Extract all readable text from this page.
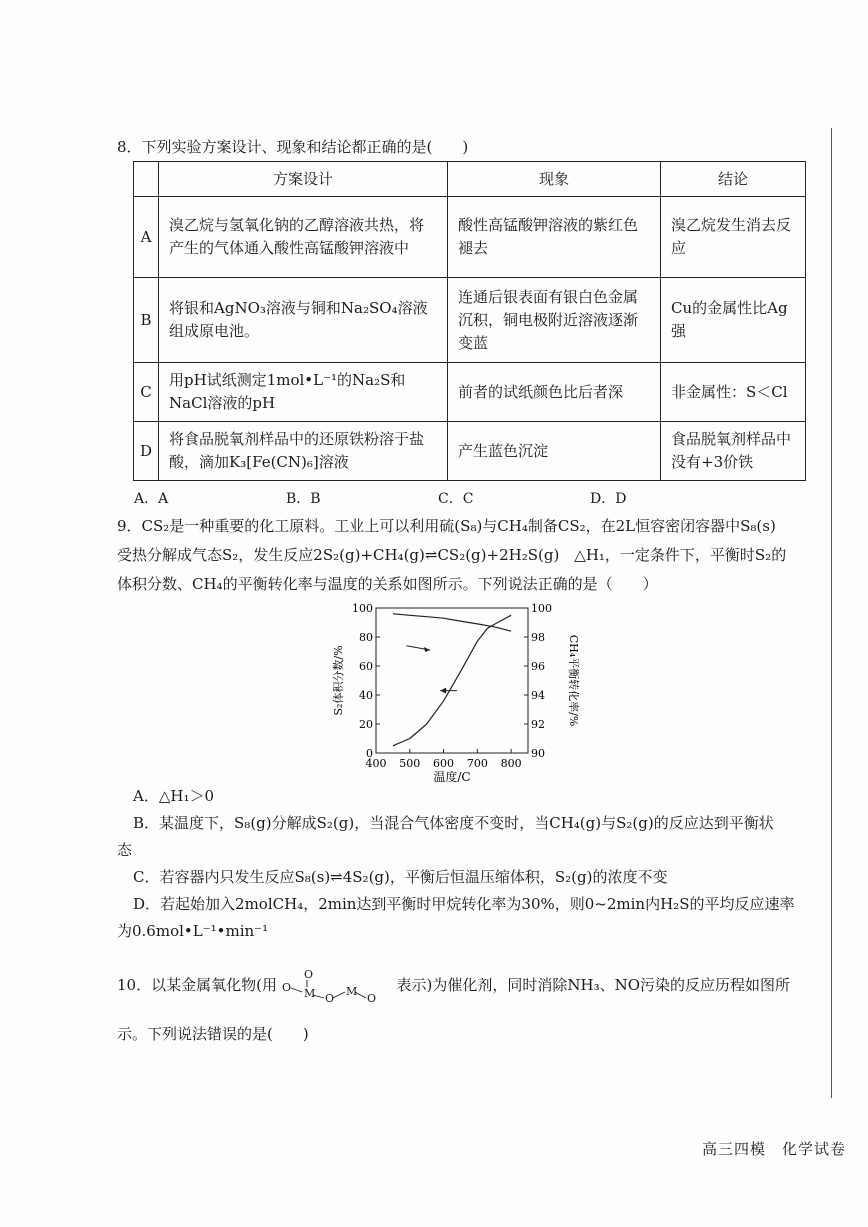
8．下列实验方案设计、现象和结论都正确的是(　　)
	方案设计	现象	结论
A	溴乙烷与氢氧化钠的乙醇溶液共热，将产生的气体通入酸性高锰酸钾溶液中	酸性高锰酸钾溶液的紫红色褪去	溴乙烷发生消去反应
B	将银和AgNO₃溶液与铜和Na₂SO₄溶液组成原电池。	连通后银表面有银白色金属沉积，铜电极附近溶液逐渐变蓝	Cu的金属性比Ag强
C	用pH试纸测定1mol•L⁻¹的Na₂S和NaCl溶液的pH	前者的试纸颜色比后者深	非金属性：S＜Cl
D	将食品脱氧剂样品中的还原铁粉溶于盐酸，滴加K₃[Fe(CN)₆]溶液	产生蓝色沉淀	食品脱氧剂样品中没有+3价铁
A．A	B．B	C．C	D．D
9．CS₂是一种重要的化工原料。工业上可以利用硫(S₈)与CH₄制备CS₂，在2L恒容密闭容器中S₈(s)
受热分解成气态S₂，发生反应2S₂(g)+CH₄(g)⇌CS₂(g)+2H₂S(g)　△H₁，一定条件下，平衡时S₂的
体积分数、CH₄的平衡转化率与温度的关系如图所示。下列说法正确的是（　　）
400 500 600 700 800
0
20
40
60
80
100
90
92
94
96
98
100
温度/C
S₂体积分数/%	CH₄平衡转化率/%
A．△H₁＞0
B．某温度下，S₈(g)分解成S₂(g)，当混合气体密度不变时，当CH₄(g)与S₂(g)的反应达到平衡状
态
C．若容器内只发生反应S₈(s)⇌4S₂(g)，平衡后恒温压缩体积，S₂(g)的浓度不变
D．若起始加入2molCH₄，2min达到平衡时甲烷转化率为30%，则0~2min内H₂S的平均反应速率
为0.6mol•L⁻¹•min⁻¹
10．以某金属氧化物(用 O M O
M
O
O
表示)为催化剂，同时消除NH₃、NO污染的反应历程如图所
示。下列说法错误的是(　　)
高三四模　化学试卷
